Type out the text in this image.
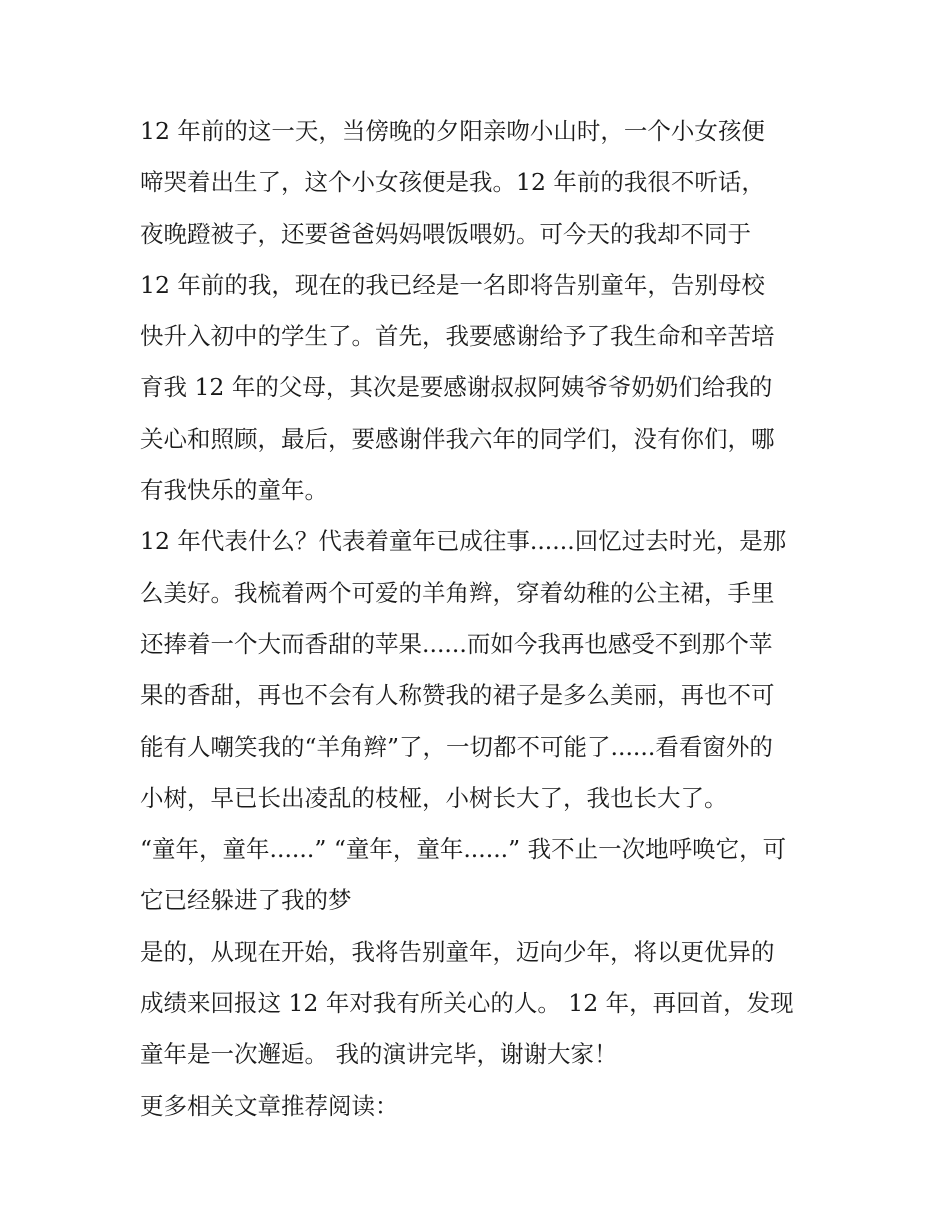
12 年前的这一天，当傍晚的夕阳亲吻小山时，一个小女孩便
啼哭着出生了，这个小女孩便是我。12 年前的我很不听话，
夜晚蹬被子，还要爸爸妈妈喂饭喂奶。可今天的我却不同于
12 年前的我，现在的我已经是一名即将告别童年，告别母校
快升入初中的学生了。首先，我要感谢给予了我生命和辛苦培
育我 12 年的父母，其次是要感谢叔叔阿姨爷爷奶奶们给我的
关心和照顾，最后，要感谢伴我六年的同学们，没有你们，哪
有我快乐的童年。
12 年代表什么？代表着童年已成往事......回忆过去时光，是那
么美好。我梳着两个可爱的羊角辫，穿着幼稚的公主裙，手里
还捧着一个大而香甜的苹果......而如今我再也感受不到那个苹
果的香甜，再也不会有人称赞我的裙子是多么美丽，再也不可
能有人嘲笑我的“羊角辫”了，一切都不可能了......看看窗外的
小树，早已长出凌乱的枝桠，小树长大了，我也长大了。
“童年，童年......” “童年，童年......” 我不止一次地呼唤它，可
它已经躲进了我的梦
是的，从现在开始，我将告别童年，迈向少年，将以更优异的
成绩来回报这 12 年对我有所关心的人。 12 年，再回首，发现
童年是一次邂逅。 我的演讲完毕，谢谢大家！
更多相关文章推荐阅读：
